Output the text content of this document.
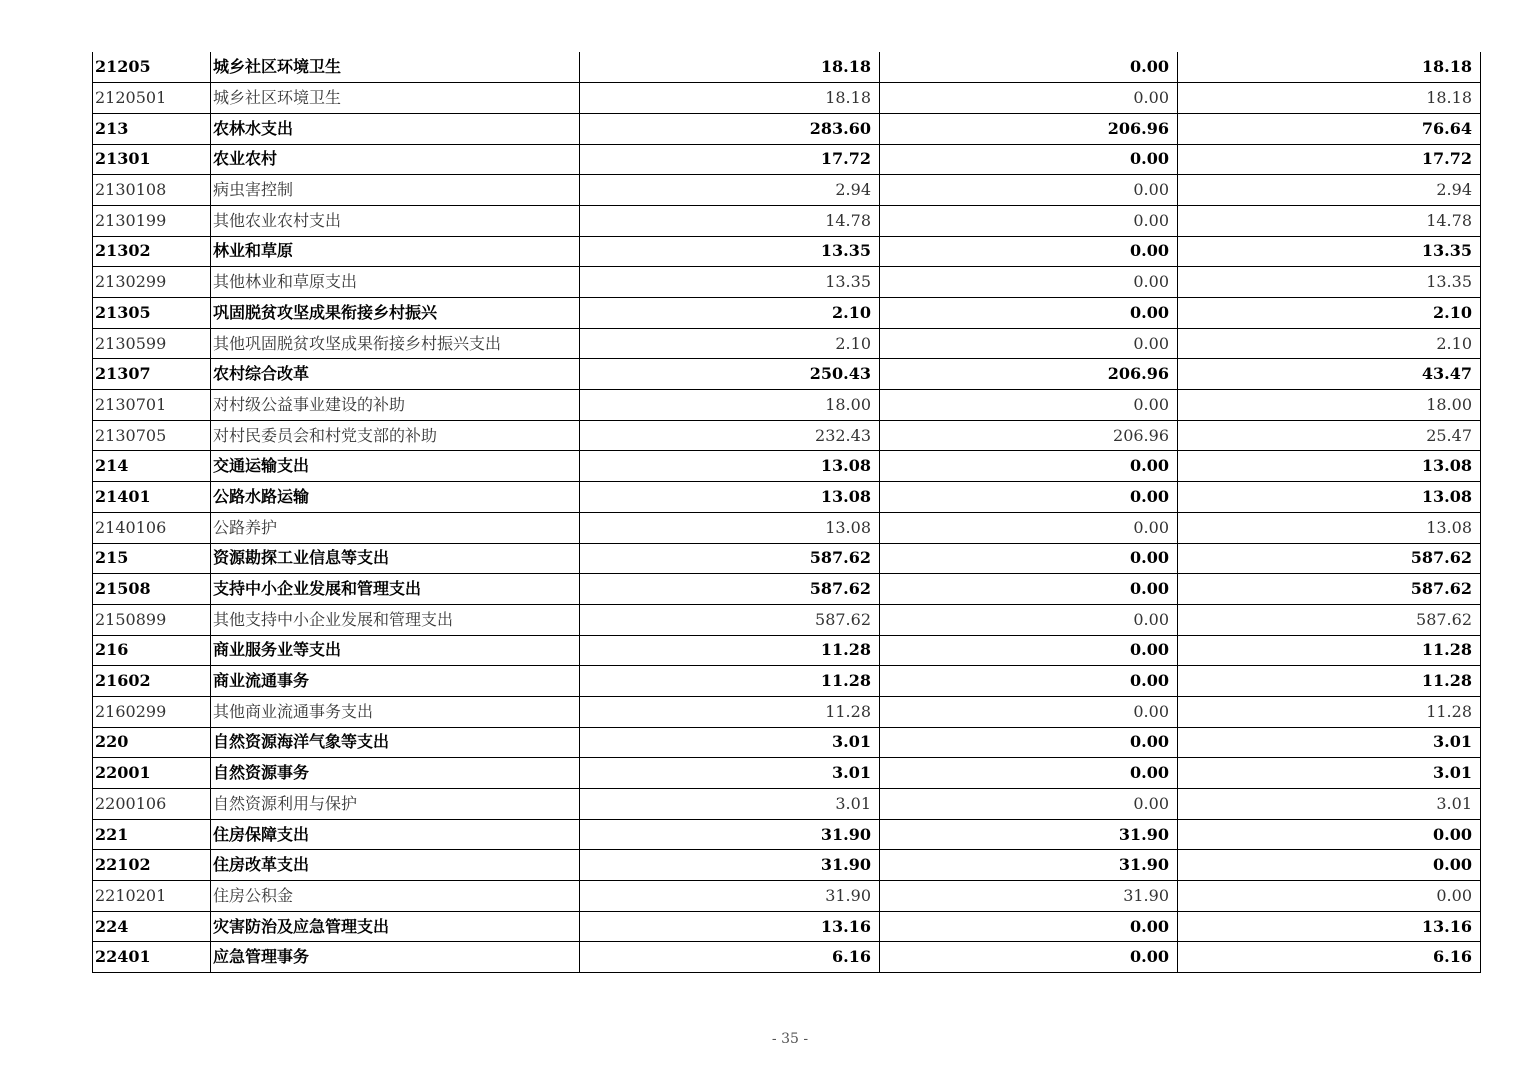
21205	城乡社区环境卫生	18.18	0.00	18.18
2120501	城乡社区环境卫生	18.18	0.00	18.18
213	农林水支出	283.60	206.96	76.64
21301	农业农村	17.72	0.00	17.72
2130108	病虫害控制	2.94	0.00	2.94
2130199	其他农业农村支出	14.78	0.00	14.78
21302	林业和草原	13.35	0.00	13.35
2130299	其他林业和草原支出	13.35	0.00	13.35
21305	巩固脱贫攻坚成果衔接乡村振兴	2.10	0.00	2.10
2130599	其他巩固脱贫攻坚成果衔接乡村振兴支出	2.10	0.00	2.10
21307	农村综合改革	250.43	206.96	43.47
2130701	对村级公益事业建设的补助	18.00	0.00	18.00
2130705	对村民委员会和村党支部的补助	232.43	206.96	25.47
214	交通运输支出	13.08	0.00	13.08
21401	公路水路运输	13.08	0.00	13.08
2140106	公路养护	13.08	0.00	13.08
215	资源勘探工业信息等支出	587.62	0.00	587.62
21508	支持中小企业发展和管理支出	587.62	0.00	587.62
2150899	其他支持中小企业发展和管理支出	587.62	0.00	587.62
216	商业服务业等支出	11.28	0.00	11.28
21602	商业流通事务	11.28	0.00	11.28
2160299	其他商业流通事务支出	11.28	0.00	11.28
220	自然资源海洋气象等支出	3.01	0.00	3.01
22001	自然资源事务	3.01	0.00	3.01
2200106	自然资源利用与保护	3.01	0.00	3.01
221	住房保障支出	31.90	31.90	0.00
22102	住房改革支出	31.90	31.90	0.00
2210201	住房公积金	31.90	31.90	0.00
224	灾害防治及应急管理支出	13.16	0.00	13.16
22401	应急管理事务	6.16	0.00	6.16
- 35 -
